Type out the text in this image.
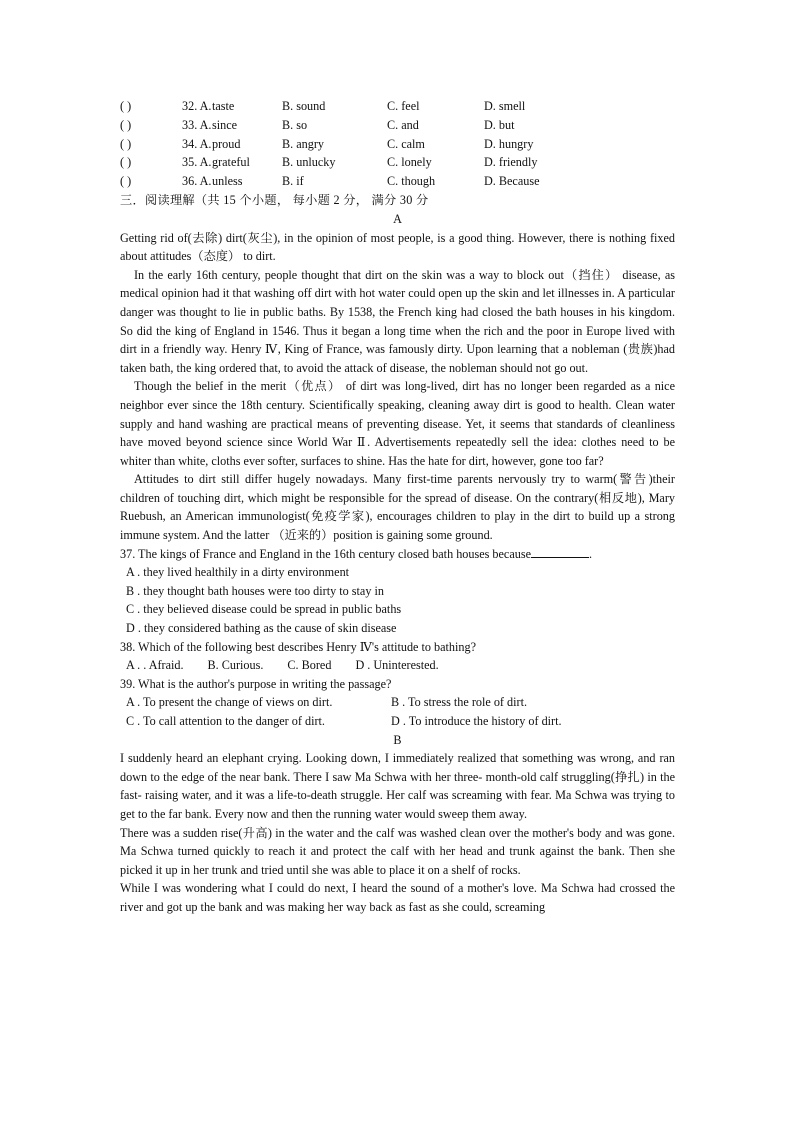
( )	32. A. taste	B. sound	C. feel	D. smell
( )	33. A. since	B. so	C. and	D. but
( )	34. A. proud	B. angry	C. calm	D. hungry
( )	35. A. grateful	B. unlucky	C. lonely	D. friendly
( )	36. A. unless	B. if	C. though	D. Because
三．阅读理解（共 15 个小题， 每小题 2 分， 满分 30 分
A

Getting rid of(去除) dirt(灰尘), in the opinion of most people, is a good thing. However, there is nothing fixed about attitudes（态度） to dirt.

In the early 16th century, people thought that dirt on the skin was a way to block out（挡住） disease, as medical opinion had it that washing off dirt with hot water could open up the skin and let illnesses in. A particular danger was thought to lie in public baths. By 1538, the French king had closed the bath houses in his kingdom. So did the king of England in 1546. Thus it began a long time when the rich and the poor in Europe lived with dirt in a friendly way. Henry Ⅳ, King of France, was famously dirty. Upon learning that a nobleman (贵族)had taken bath, the king ordered that, to avoid the attack of disease, the nobleman should not go out.

Though the belief in the merit（优点） of dirt was long-lived, dirt has no longer been regarded as a nice neighbor ever since the 18th century. Scientifically speaking, cleaning away dirt is good to health. Clean water supply and hand washing are practical means of preventing disease. Yet, it seems that standards of cleanliness have moved beyond science since World War Ⅱ. Advertisements repeatedly sell the idea: clothes need to be whiter than white, cloths ever softer, surfaces to shine. Has the hate for dirt, however, gone too far?

Attitudes to dirt still differ hugely nowadays. Many first-time parents nervously try to warm(警告)their children of touching dirt, which might be responsible for the spread of disease. On the contrary(相反地), Mary Ruebush, an American immunologist(免疫学家), encourages children to play in the dirt to build up a strong immune system. And the latter （近来的）position is gaining some ground.

37. The kings of France and England in the 16th century closed bath houses because	.
A . they lived healthily in a dirty environment
B . they thought bath houses were too dirty to stay in
C . they believed disease could be spread in public baths
D . they considered bathing as the cause of skin disease
38. Which of the following best describes Henry Ⅳ's attitude to bathing?
A . . Afraid. B. Curious. C. Bored D . Uninterested.
39. What is the author's purpose in writing the passage?
A . To present the change of views on dirt.	B . To stress the role of dirt.
C . To call attention to the danger of dirt.	D . To introduce the history of dirt.
B

I suddenly heard an elephant crying. Looking down, I immediately realized that something was wrong, and ran down to the edge of the near bank. There I saw Ma Schwa with her three- month-old calf struggling(挣扎) in the fast- raising water, and it was a life-to-death struggle. Her calf was screaming with fear. Ma Schwa was trying to get to the far bank. Every now and then the running water would sweep them away.

There was a sudden rise(升高) in the water and the calf was washed clean over the mother's body and was gone. Ma Schwa turned quickly to reach it and protect the calf with her head and trunk against the bank. Then she picked it up in her trunk and tried until she was able to place it on a shelf of rocks.

While I was wondering what I could do next, I heard the sound of a mother's love. Ma Schwa had crossed the river and got up the bank and was making her way back as fast as she could, screaming
